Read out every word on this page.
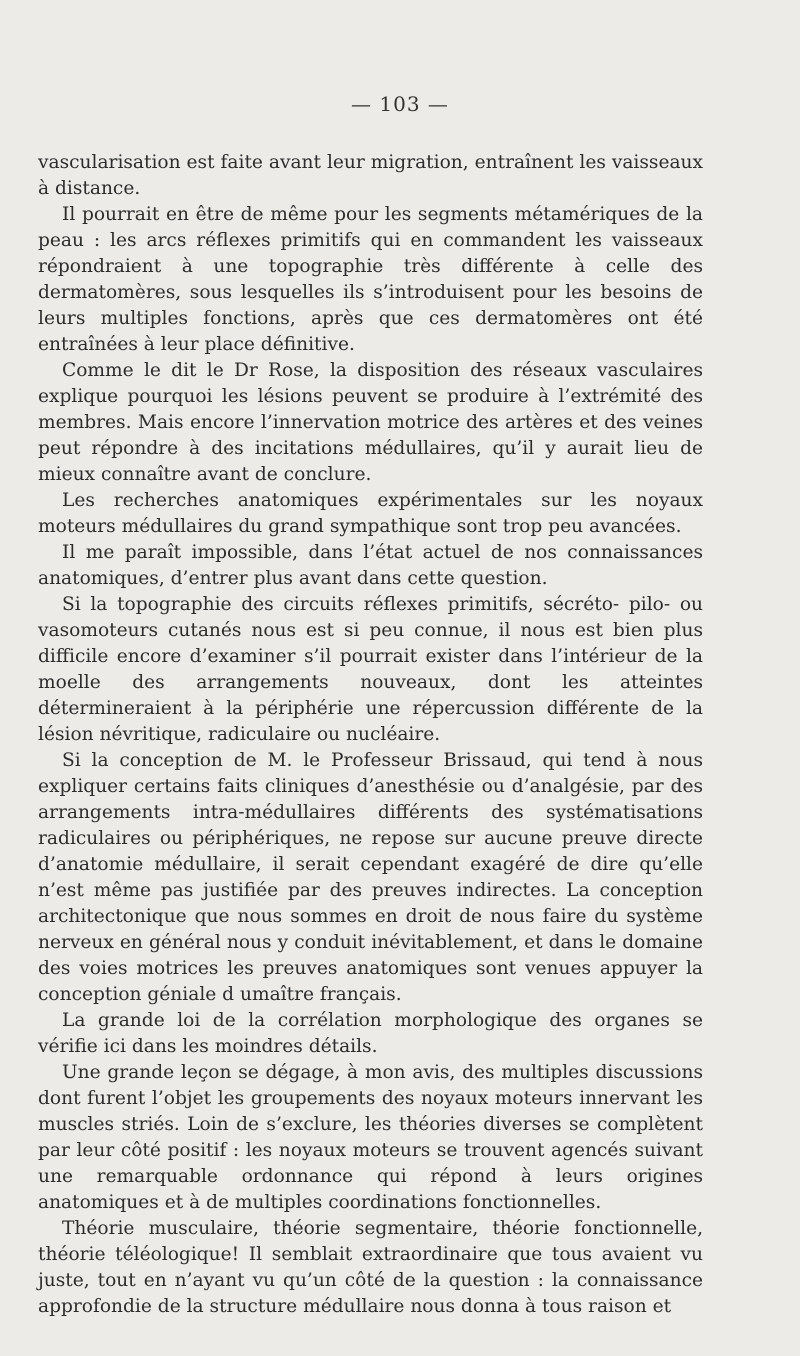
— 103 —

vascularisation est faite avant leur migration, entraînent les vaisseaux à distance.

Il pourrait en être de même pour les segments métamériques de la peau : les arcs réflexes primitifs qui en commandent les vaisseaux répondraient à une topographie très différente à celle des dermatomères, sous lesquelles ils s’introduisent pour les besoins de leurs multiples fonctions, après que ces dermatomères ont été entraînées à leur place définitive.

Comme le dit le Dr Rose, la disposition des réseaux vasculaires explique pourquoi les lésions peuvent se produire à l’extrémité des membres. Mais encore l’innervation motrice des artères et des veines peut répondre à des incitations médullaires, qu’il y aurait lieu de mieux connaître avant de conclure.

Les recherches anatomiques expérimentales sur les noyaux moteurs médullaires du grand sympathique sont trop peu avancées.

Il me paraît impossible, dans l’état actuel de nos connaissances anatomiques, d’entrer plus avant dans cette question.

Si la topographie des circuits réflexes primitifs, sécréto- pilo- ou vasomoteurs cutanés nous est si peu connue, il nous est bien plus difficile encore d’examiner s’il pourrait exister dans l’intérieur de la moelle des arrangements nouveaux, dont les atteintes détermineraient à la périphérie une répercussion différente de la lésion névritique, radiculaire ou nucléaire.

Si la conception de M. le Professeur Brissaud, qui tend à nous expliquer certains faits cliniques d’anesthésie ou d’analgésie, par des arrangements intra-médullaires différents des systématisations radiculaires ou périphériques, ne repose sur aucune preuve directe d’anatomie médullaire, il serait cependant exagéré de dire qu’elle n’est même pas justifiée par des preuves indirectes. La conception architectonique que nous sommes en droit de nous faire du système nerveux en général nous y conduit inévitablement, et dans le domaine des voies motrices les preuves anatomiques sont venues appuyer la conception géniale d umaître français.

La grande loi de la corrélation morphologique des organes se vérifie ici dans les moindres détails.

Une grande leçon se dégage, à mon avis, des multiples discussions dont furent l’objet les groupements des noyaux moteurs innervant les muscles striés. Loin de s’exclure, les théories diverses se complètent par leur côté positif : les noyaux moteurs se trouvent agencés suivant une remarquable ordonnance qui répond à leurs origines anatomiques et à de multiples coordinations fonctionnelles.

Théorie musculaire, théorie segmentaire, théorie fonctionnelle, théorie téléologique! Il semblait extraordinaire que tous avaient vu juste, tout en n’ayant vu qu’un côté de la question : la connaissance approfondie de la structure médullaire nous donna à tous raison et
